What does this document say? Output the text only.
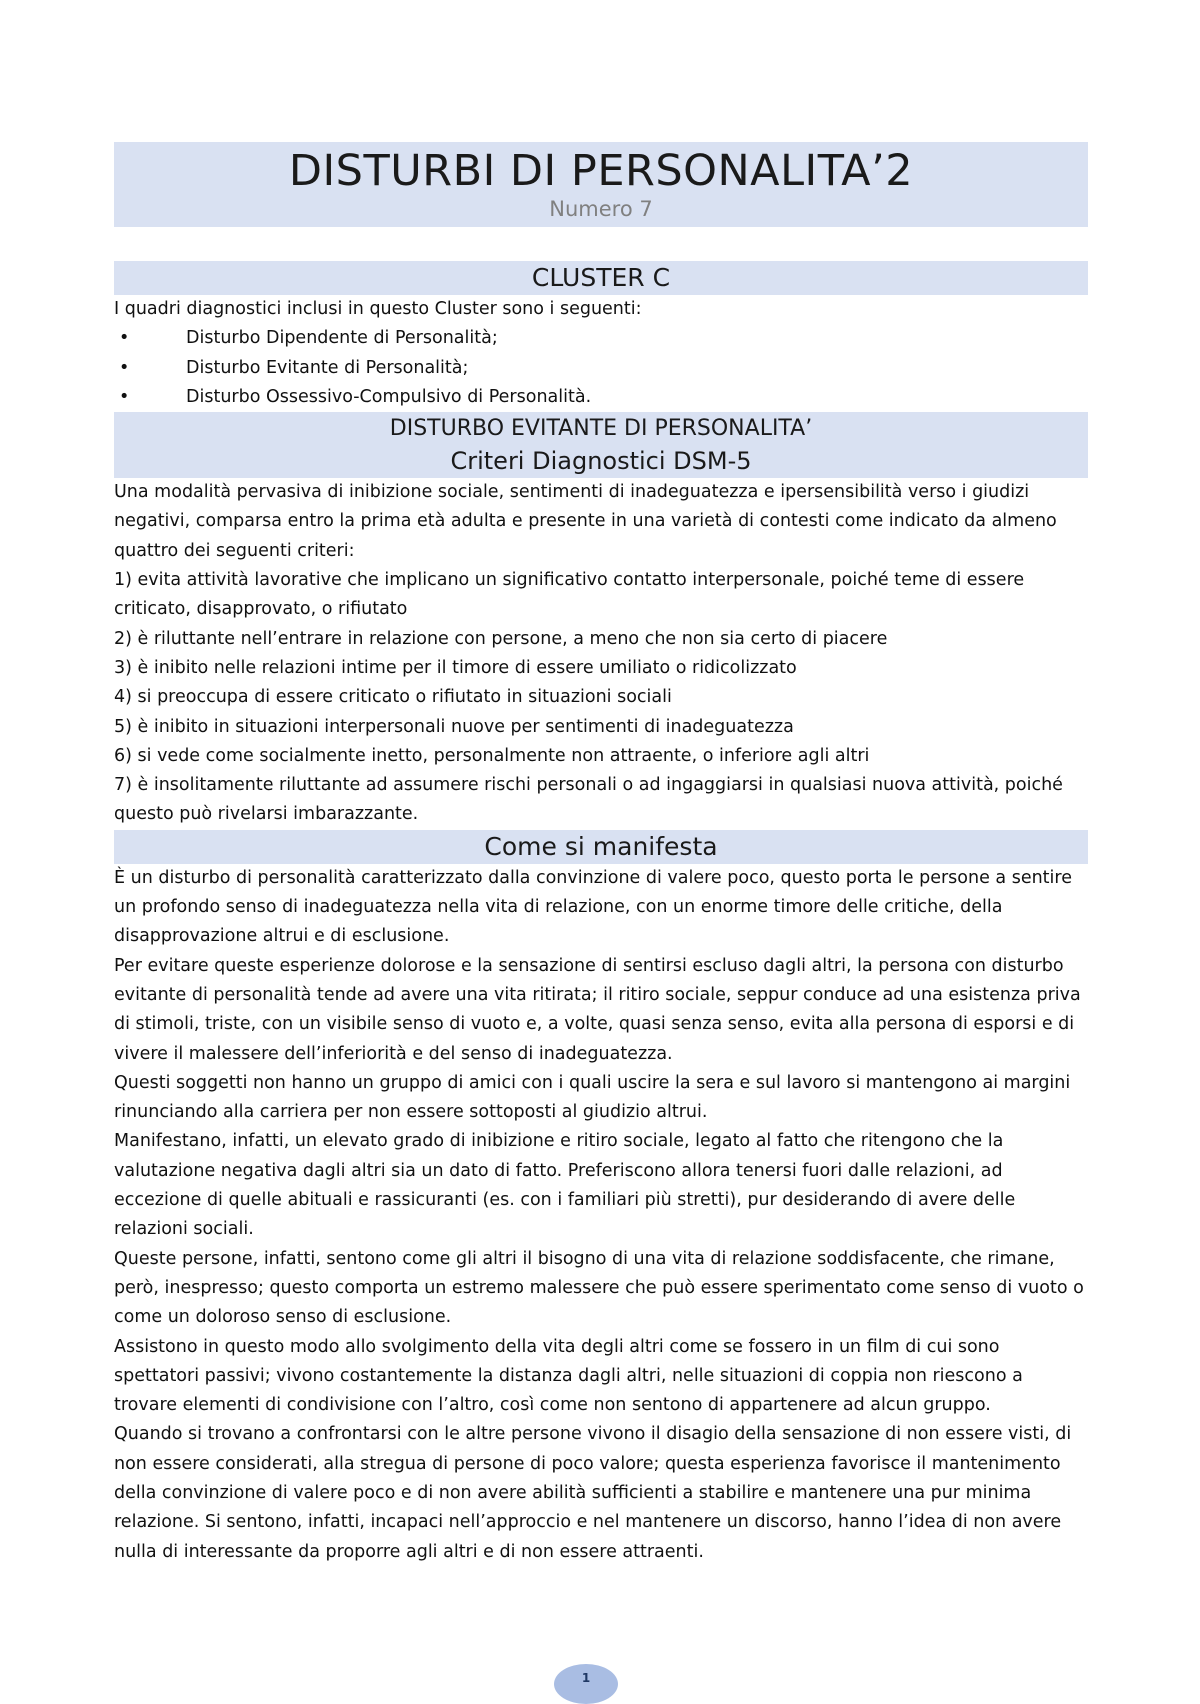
DISTURBI DI PERSONALITA’2
Numero 7
CLUSTER C

I quadri diagnostici inclusi in questo Cluster sono i seguenti:

•	Disturbo Dipendente di Personalità;
•	Disturbo Evitante di Personalità;
•	Disturbo Ossessivo-Compulsivo di Personalità.
DISTURBO EVITANTE DI PERSONALITA’
Criteri Diagnostici DSM-5

Una modalità pervasiva di inibizione sociale, sentimenti di inadeguatezza e ipersensibilità verso i giudizi negativi, comparsa entro la prima età adulta e presente in una varietà di contesti come indicato da almeno quattro dei seguenti criteri:

1) evita attività lavorative che implicano un significativo contatto interpersonale, poiché teme di essere criticato, disapprovato, o rifiutato

2) è riluttante nell’entrare in relazione con persone, a meno che non sia certo di piacere

3) è inibito nelle relazioni intime per il timore di essere umiliato o ridicolizzato

4) si preoccupa di essere criticato o rifiutato in situazioni sociali

5) è inibito in situazioni interpersonali nuove per sentimenti di inadeguatezza

6) si vede come socialmente inetto, personalmente non attraente, o inferiore agli altri

7) è insolitamente riluttante ad assumere rischi personali o ad ingaggiarsi in qualsiasi nuova attività, poiché questo può rivelarsi imbarazzante.

Come si manifesta

È un disturbo di personalità caratterizzato dalla convinzione di valere poco, questo porta le persone a sentire un profondo senso di inadeguatezza nella vita di relazione, con un enorme timore delle critiche, della disapprovazione altrui e di esclusione.

Per evitare queste esperienze dolorose e la sensazione di sentirsi escluso dagli altri, la persona con disturbo evitante di personalità tende ad avere una vita ritirata; il ritiro sociale, seppur conduce ad una esistenza priva di stimoli, triste, con un visibile senso di vuoto e, a volte, quasi senza senso, evita alla persona di esporsi e di vivere il malessere dell’inferiorità e del senso di inadeguatezza.

Questi soggetti non hanno un gruppo di amici con i quali uscire la sera e sul lavoro si mantengono ai margini rinunciando alla carriera per non essere sottoposti al giudizio altrui.

Manifestano, infatti, un elevato grado di inibizione e ritiro sociale, legato al fatto che ritengono che la valutazione negativa dagli altri sia un dato di fatto. Preferiscono allora tenersi fuori dalle relazioni, ad eccezione di quelle abituali e rassicuranti (es. con i familiari più stretti), pur desiderando di avere delle relazioni sociali.

Queste persone, infatti, sentono come gli altri il bisogno di una vita di relazione soddisfacente, che rimane, però, inespresso; questo comporta un estremo malessere che può essere sperimentato come senso di vuoto o come un doloroso senso di esclusione.

Assistono in questo modo allo svolgimento della vita degli altri come se fossero in un film di cui sono spettatori passivi; vivono costantemente la distanza dagli altri, nelle situazioni di coppia non riescono a trovare elementi di condivisione con l’altro, così come non sentono di appartenere ad alcun gruppo.

Quando si trovano a confrontarsi con le altre persone vivono il disagio della sensazione di non essere visti, di non essere considerati, alla stregua di persone di poco valore; questa esperienza favorisce il mantenimento della convinzione di valere poco e di non avere abilità sufficienti a stabilire e mantenere una pur minima relazione. Si sentono, infatti, incapaci nell’approccio e nel mantenere un discorso, hanno l’idea di non avere nulla di interessante da proporre agli altri e di non essere attraenti.

1
